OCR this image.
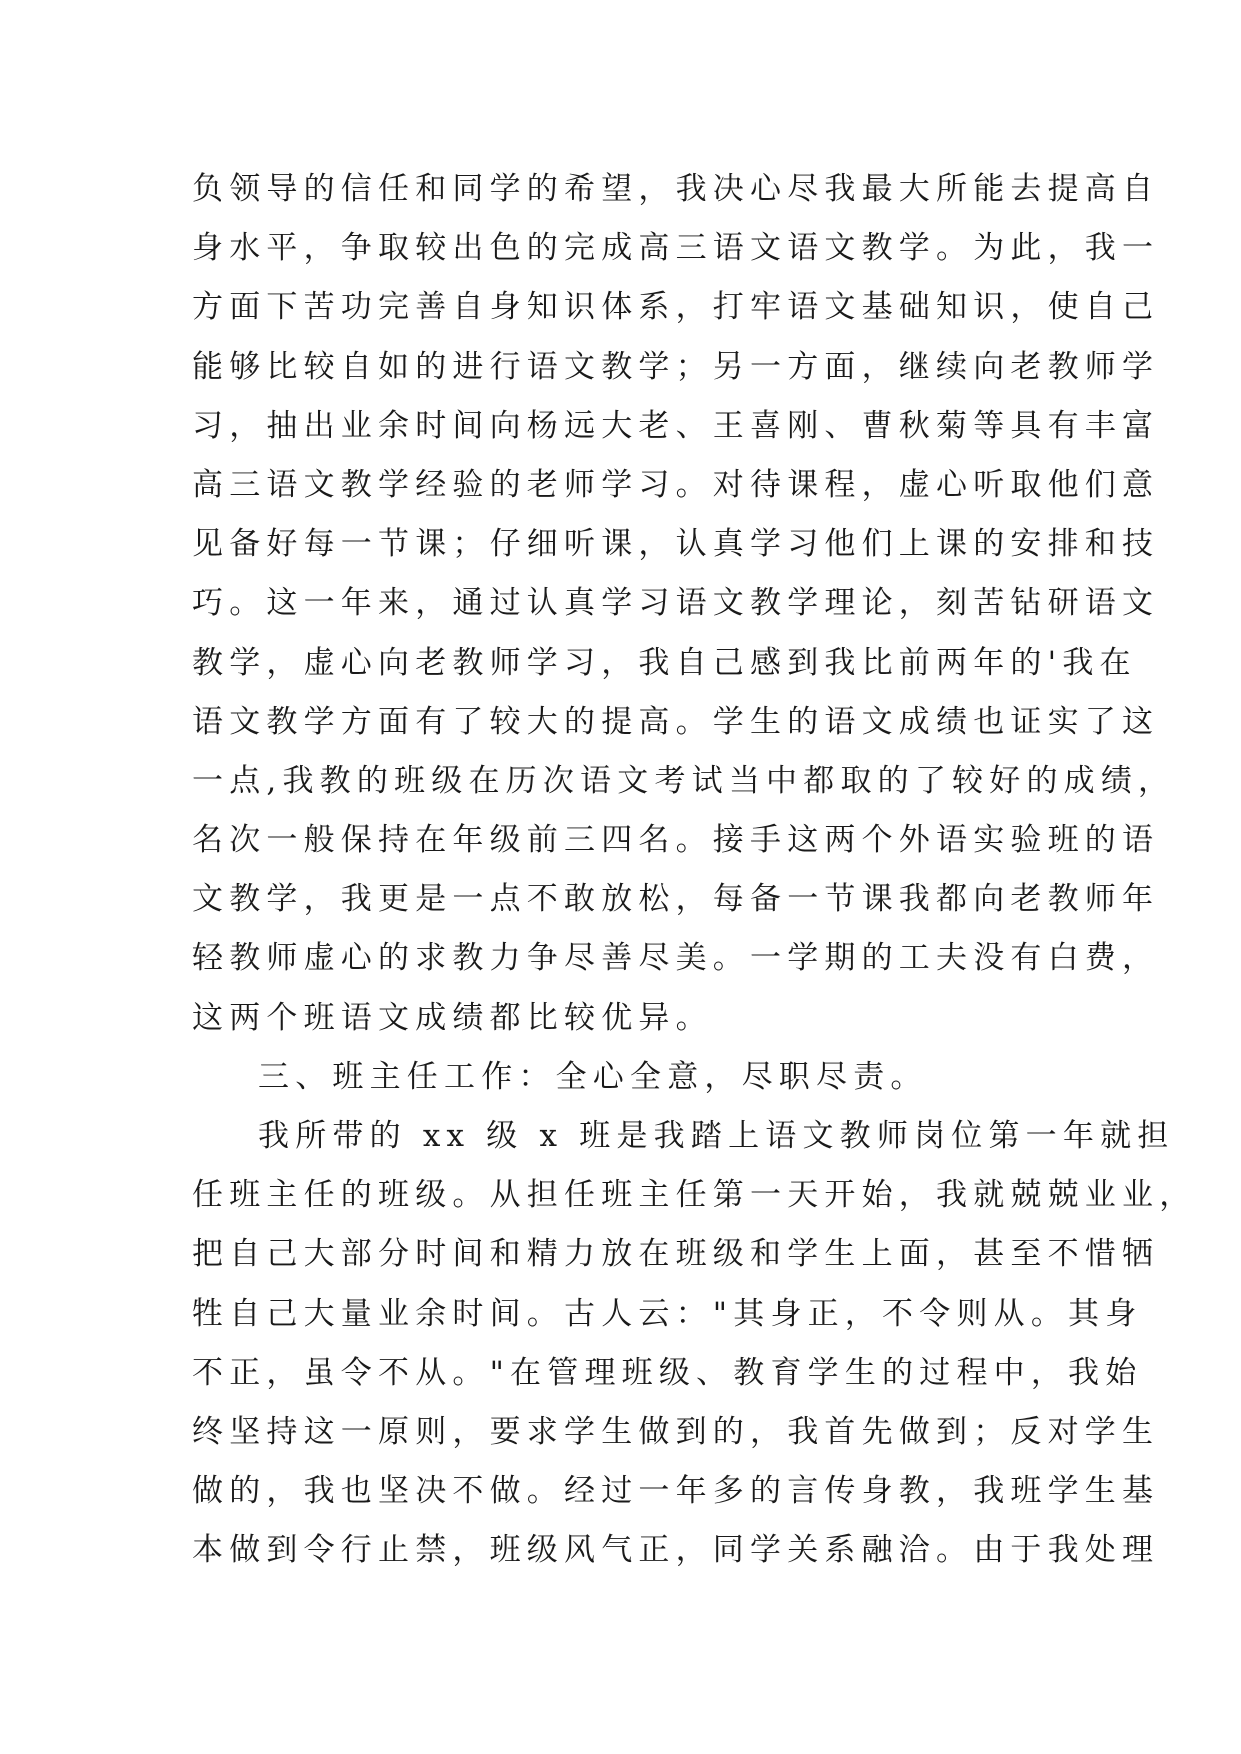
负领导的信任和同学的希望，我决心尽我最大所能去提高自
身水平，争取较出色的完成高三语文语文教学。为此，我一
方面下苦功完善自身知识体系，打牢语文基础知识，使自己
能够比较自如的进行语文教学；另一方面，继续向老教师学
习，抽出业余时间向杨远大老、王喜刚、曹秋菊等具有丰富
高三语文教学经验的老师学习。对待课程，虚心听取他们意
见备好每一节课；仔细听课，认真学习他们上课的安排和技
巧。这一年来，通过认真学习语文教学理论，刻苦钻研语文
教学，虚心向老教师学习，我自己感到我比前两年的'我在
语文教学方面有了较大的提高。学生的语文成绩也证实了这
一点,我教的班级在历次语文考试当中都取的了较好的成绩，
名次一般保持在年级前三四名。接手这两个外语实验班的语
文教学，我更是一点不敢放松，每备一节课我都向老教师年
轻教师虚心的求教力争尽善尽美。一学期的工夫没有白费，
这两个班语文成绩都比较优异。
三、班主任工作：全心全意，尽职尽责。
我所带的 xx 级 x 班是我踏上语文教师岗位第一年就担
任班主任的班级。从担任班主任第一天开始，我就兢兢业业，
把自己大部分时间和精力放在班级和学生上面，甚至不惜牺
牲自己大量业余时间。古人云："其身正，不令则从。其身
不正，虽令不从。"在管理班级、教育学生的过程中，我始
终坚持这一原则，要求学生做到的，我首先做到；反对学生
做的，我也坚决不做。经过一年多的言传身教，我班学生基
本做到令行止禁，班级风气正，同学关系融洽。由于我处理
